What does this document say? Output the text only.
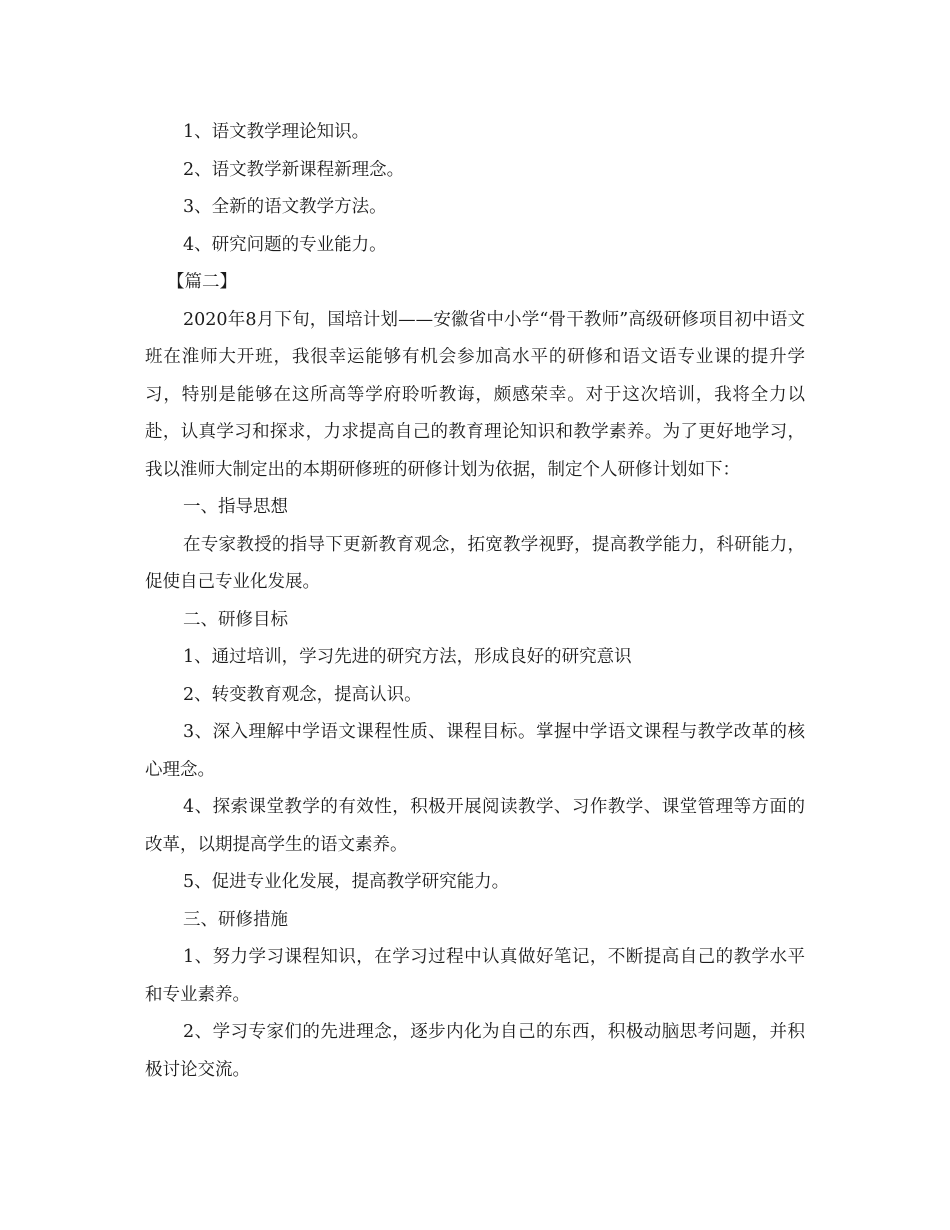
1、语文教学理论知识。

2、语文教学新课程新理念。

3、全新的语文教学方法。

4、研究问题的专业能力。

【篇二】

2020年8月下旬，国培计划——安徽省中小学“骨干教师”高级研修项目初中语文班在淮师大开班，我很幸运能够有机会参加高水平的研修和语文语专业课的提升学习，特别是能够在这所高等学府聆听教诲，颇感荣幸。对于这次培训，我将全力以赴，认真学习和探求，力求提高自己的教育理论知识和教学素养。为了更好地学习，我以淮师大制定出的本期研修班的研修计划为依据，制定个人研修计划如下：

一、指导思想

在专家教授的指导下更新教育观念，拓宽教学视野，提高教学能力，科研能力，促使自己专业化发展。

二、研修目标

1、通过培训，学习先进的研究方法，形成良好的研究意识

2、转变教育观念，提高认识。

3、深入理解中学语文课程性质、课程目标。掌握中学语文课程与教学改革的核心理念。

4、探索课堂教学的有效性，积极开展阅读教学、习作教学、课堂管理等方面的改革，以期提高学生的语文素养。

5、促进专业化发展，提高教学研究能力。

三、研修措施

1、努力学习课程知识，在学习过程中认真做好笔记，不断提高自己的教学水平和专业素养。

2、学习专家们的先进理念，逐步内化为自己的东西，积极动脑思考问题，并积极讨论交流。
